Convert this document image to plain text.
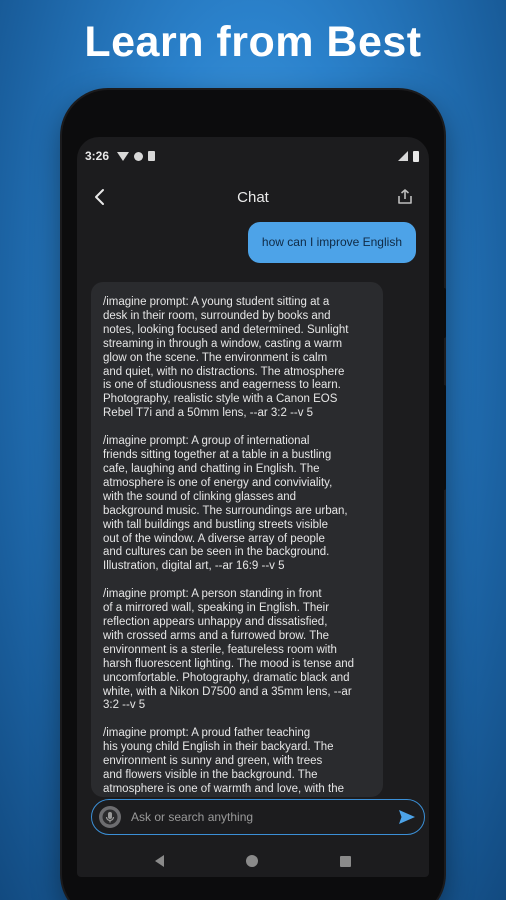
Learn from Best
3:26
Chat
how can I improve English

/imagine prompt: A young student sitting at a
desk in their room, surrounded by books and
notes, looking focused and determined. Sunlight
streaming in through a window, casting a warm
glow on the scene. The environment is calm
and quiet, with no distractions. The atmosphere
is one of studiousness and eagerness to learn.
Photography, realistic style with a Canon EOS
Rebel T7i and a 50mm lens, --ar 3:2 --v 5

/imagine prompt: A group of international
friends sitting together at a table in a bustling
cafe, laughing and chatting in English. The
atmosphere is one of energy and conviviality,
with the sound of clinking glasses and
background music. The surroundings are urban,
with tall buildings and bustling streets visible
out of the window. A diverse array of people
and cultures can be seen in the background.
Illustration, digital art, --ar 16:9 --v 5

/imagine prompt: A person standing in front
of a mirrored wall, speaking in English. Their
reflection appears unhappy and dissatisfied,
with crossed arms and a furrowed brow. The
environment is a sterile, featureless room with
harsh fluorescent lighting. The mood is tense and
uncomfortable. Photography, dramatic black and
white, with a Nikon D7500 and a 35mm lens, --ar
3:2 --v 5

/imagine prompt: A proud father teaching
his young child English in their backyard. The
environment is sunny and green, with trees
and flowers visible in the background. The
atmosphere is one of warmth and love, with the

Ask or search anything
